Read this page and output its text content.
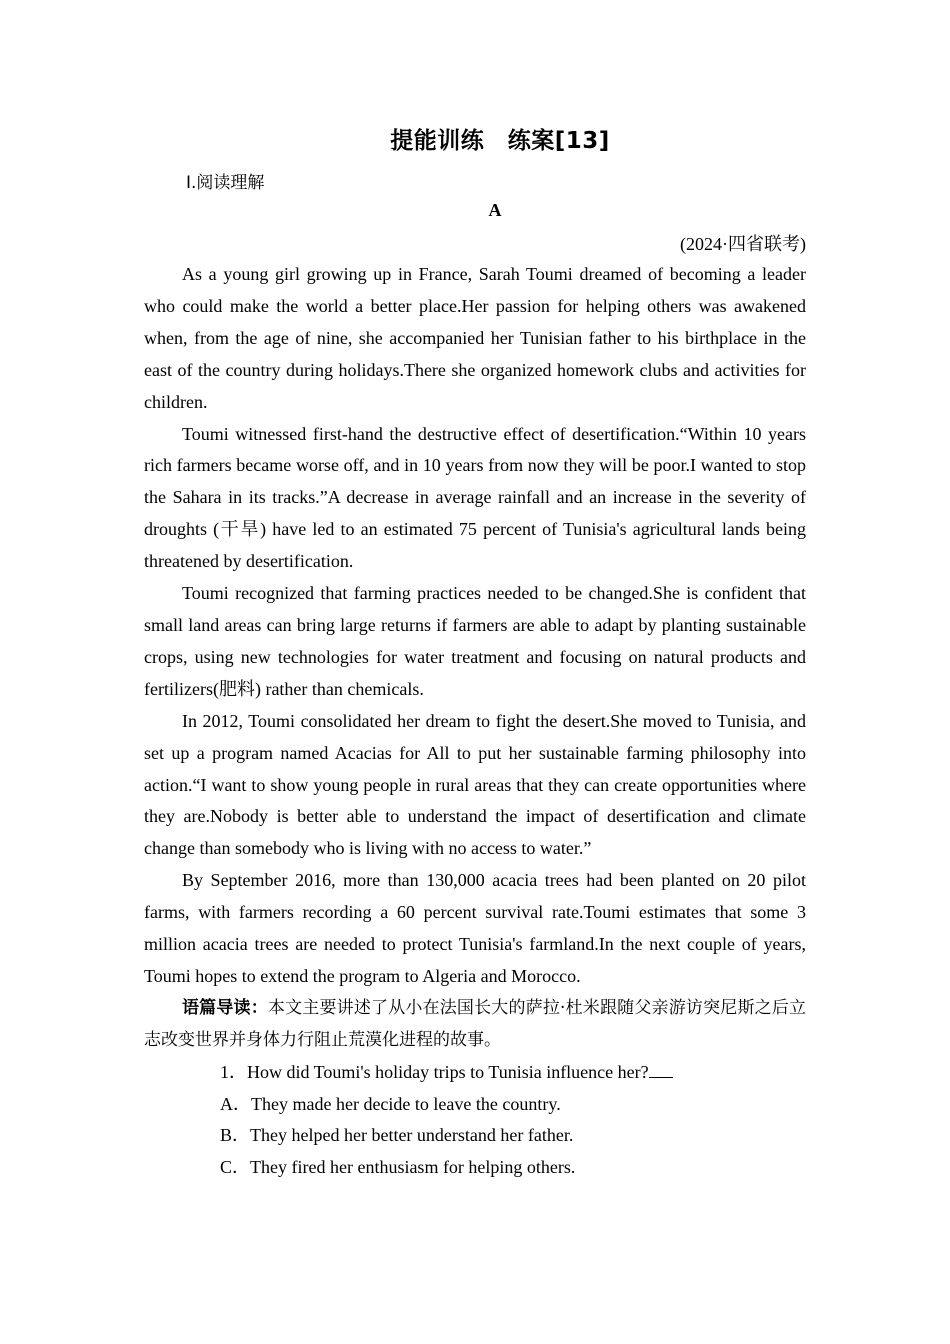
提能训练　练案[13]
Ⅰ.阅读理解
A
(2024·四省联考)

As a young girl growing up in France, Sarah Toumi dreamed of becoming a leader who could make the world a better place.Her passion for helping others was awakened when, from the age of nine, she accompanied her Tunisian father to his birthplace in the east of the country during holidays.There she organized homework clubs and activities for children.

Toumi witnessed first-hand the destructive effect of desertification.“Within 10 years rich farmers became worse off, and in 10 years from now they will be poor.I wanted to stop the Sahara in its tracks.”A decrease in average rainfall and an increase in the severity of droughts (干旱) have led to an estimated 75 percent of Tunisia's agricultural lands being threatened by desertification.

Toumi recognized that farming practices needed to be changed.She is confident that small land areas can bring large returns if farmers are able to adapt by planting sustainable crops, using new technologies for water treatment and focusing on natural products and fertilizers(肥料) rather than chemicals.

In 2012, Toumi consolidated her dream to fight the desert.She moved to Tunisia, and set up a program named Acacias for All to put her sustainable farming philosophy into action.“I want to show young people in rural areas that they can create opportunities where they are.Nobody is better able to understand the impact of desertification and climate change than somebody who is living with no access to water.”

By September 2016, more than 130,000 acacia trees had been planted on 20 pilot farms, with farmers recording a 60 percent survival rate.Toumi estimates that some 3 million acacia trees are needed to protect Tunisia's farmland.In the next couple of years, Toumi hopes to extend the program to Algeria and Morocco.

语篇导读：本文主要讲述了从小在法国长大的萨拉·杜米跟随父亲游访突尼斯之后立志改变世界并身体力行阻止荒漠化进程的故事。

1．How did Toumi's holiday trips to Tunisia influence her?

A．They made her decide to leave the country.

B．They helped her better understand her father.

C．They fired her enthusiasm for helping others.
